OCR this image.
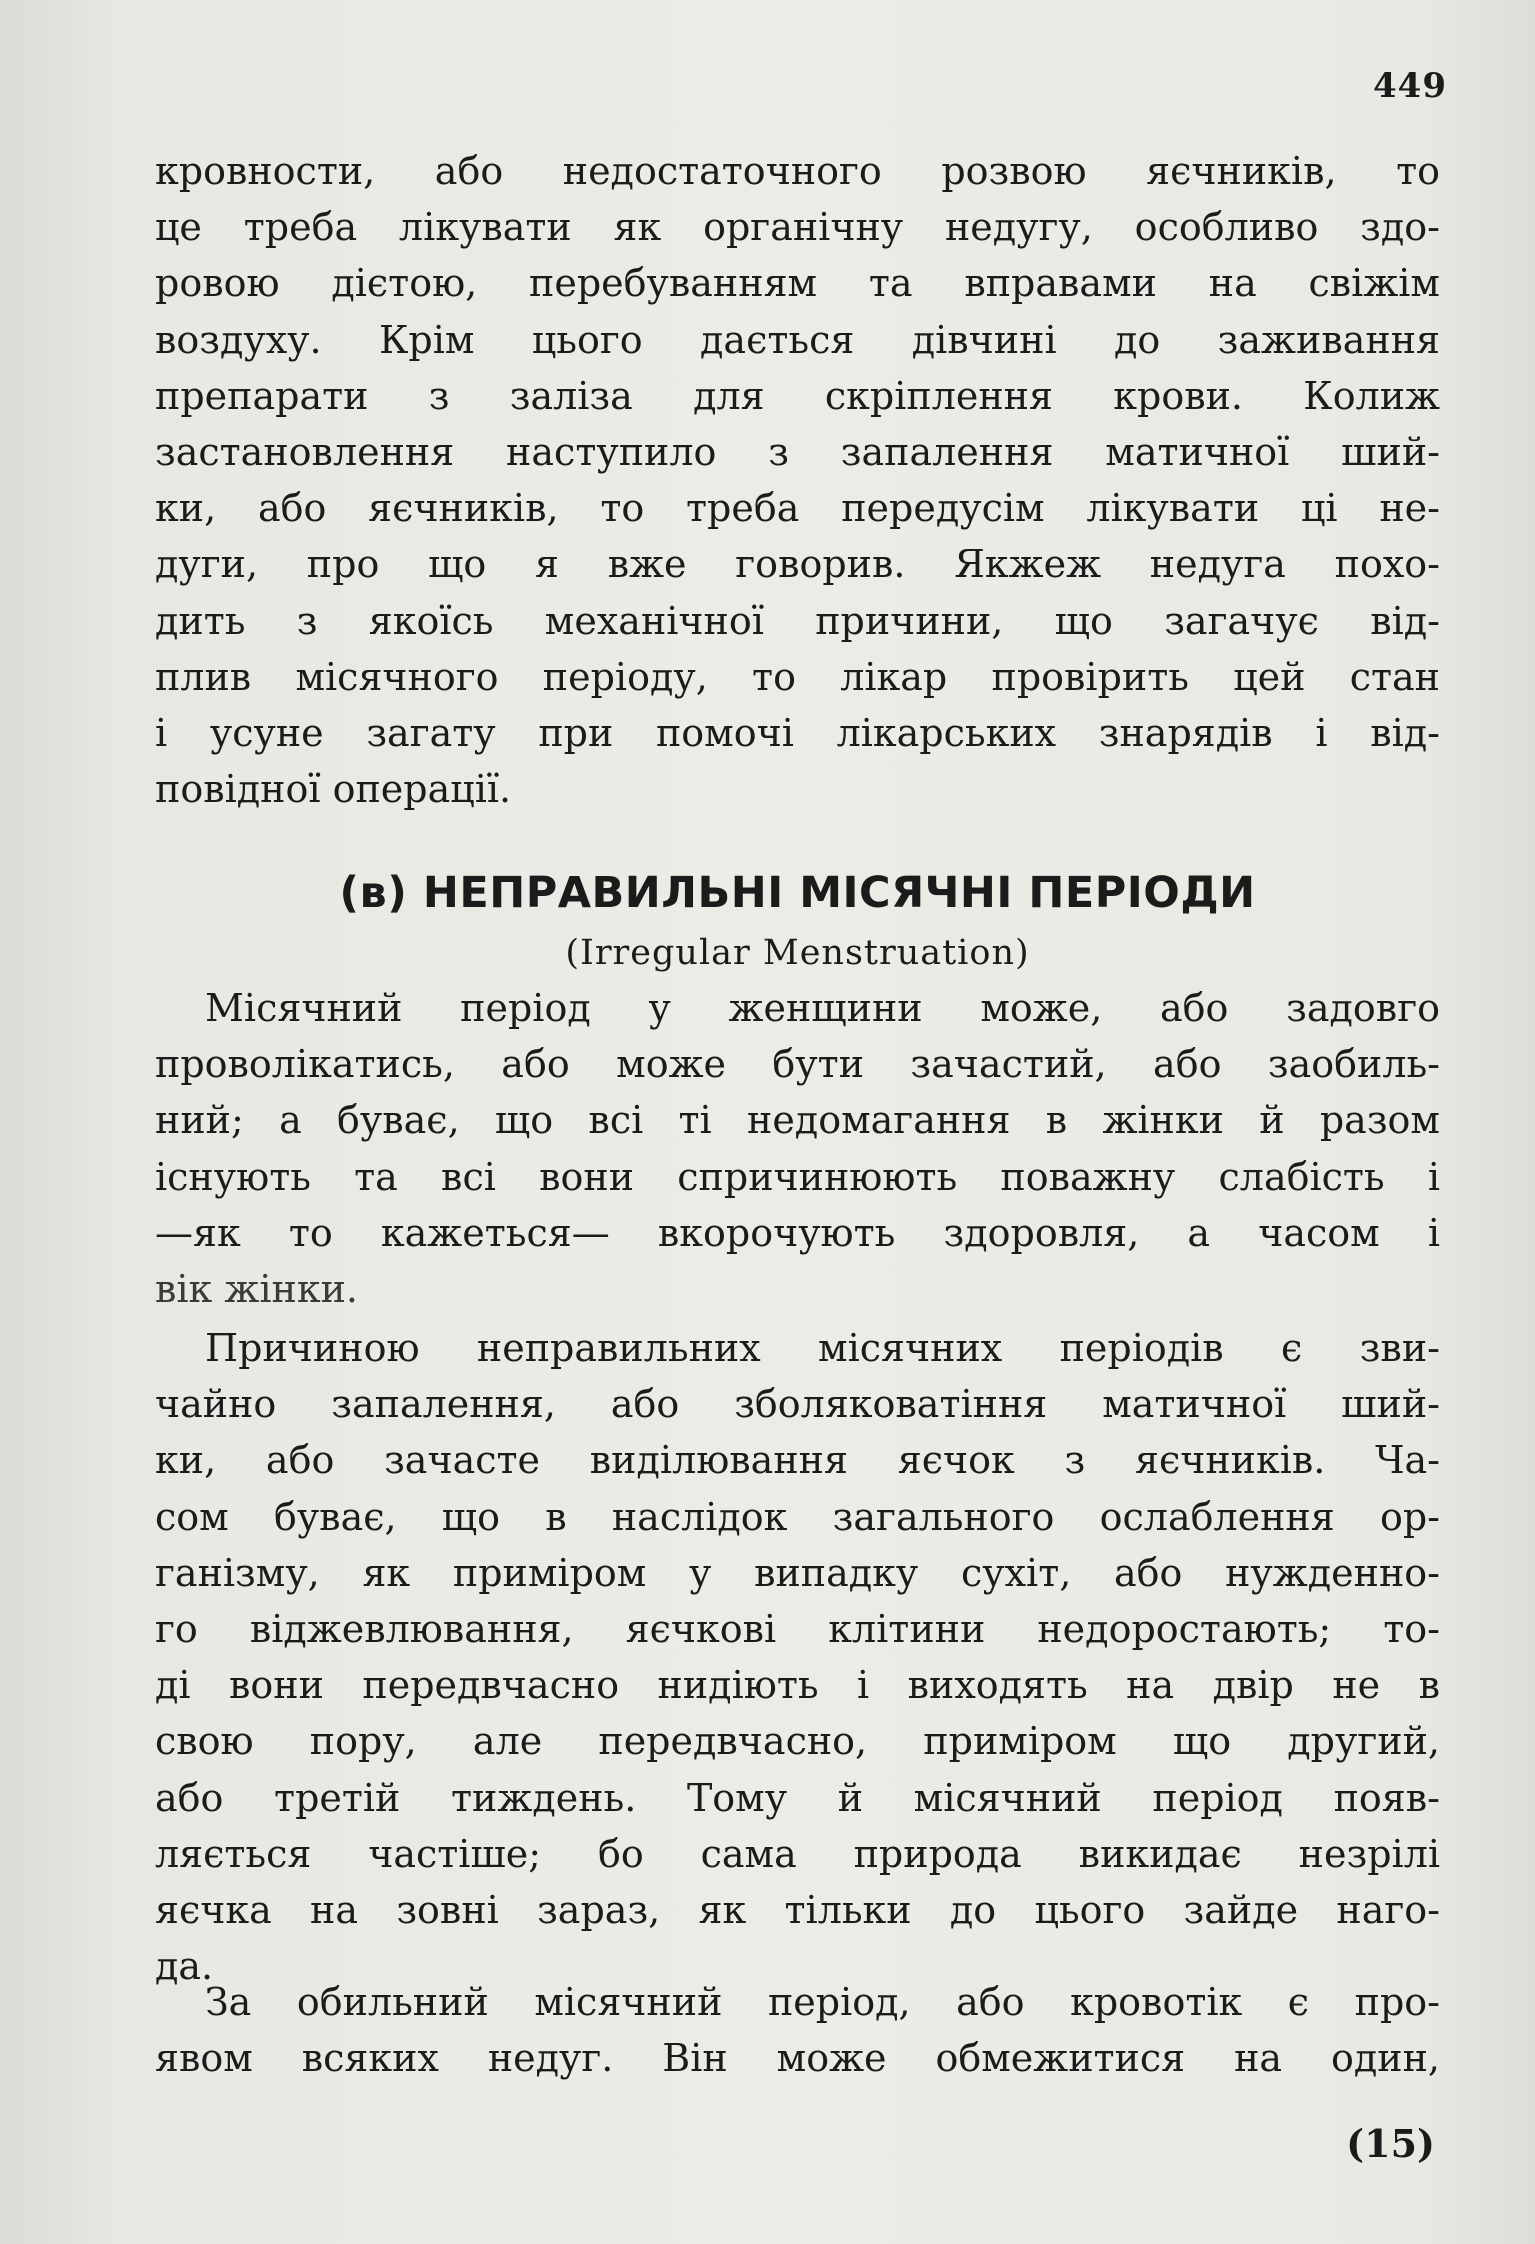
449
кровности, або недостаточного розвою яєчників, то
це треба лікувати як органічну недугу, особливо здо-
ровою дієтою, перебуванням та вправами на свіжім
воздуху. Крім цього дається дівчині до заживання
препарати з заліза для скріплення крови. Колиж
застановлення наступило з запалення матичної ший-
ки, або яєчників, то треба передусім лікувати ці не-
дуги, про що я вже говорив. Якжеж недуга похо-
дить з якоїсь механічної причини, що загачує від-
плив місячного періоду, то лікар провірить цей стан
і усуне загату при помочі лікарських знарядів і від-
повідної операції.
(в) НЕПРАВИЛЬНІ МІСЯЧНІ ПЕРІОДИ
(Irregular Menstruation)
Місячний період у женщини може, або задовго
проволікатись, або може бути зачастий, або заобиль-
ний; а буває, що всі ті недомагання в жінки й разом
існують та всі вони спричинюють поважну слабість і
—як то кажеться— вкорочують здоровля, а часом і
вік жінки.
Причиною неправильних місячних періодів є зви-
чайно запалення, або зболяковатіння матичної ший-
ки, або зачасте виділювання яєчок з яєчників. Ча-
сом буває, що в наслідок загального ослаблення ор-
ганізму, як приміром у випадку сухіт, або нужденно-
го віджевлювання, яєчкові клітини недоростають; то-
ді вони передвчасно нидіють і виходять на двір не в
свою пору, але передвчасно, приміром що другий,
або третій тиждень. Тому й місячний період появ-
ляється частіше; бо сама природа викидає незрілі
яєчка на зовні зараз, як тільки до цього зайде наго-
да.
За обильний місячний період, або кровотік є про-
явом всяких недуг. Він може обмежитися на один,
(15)
